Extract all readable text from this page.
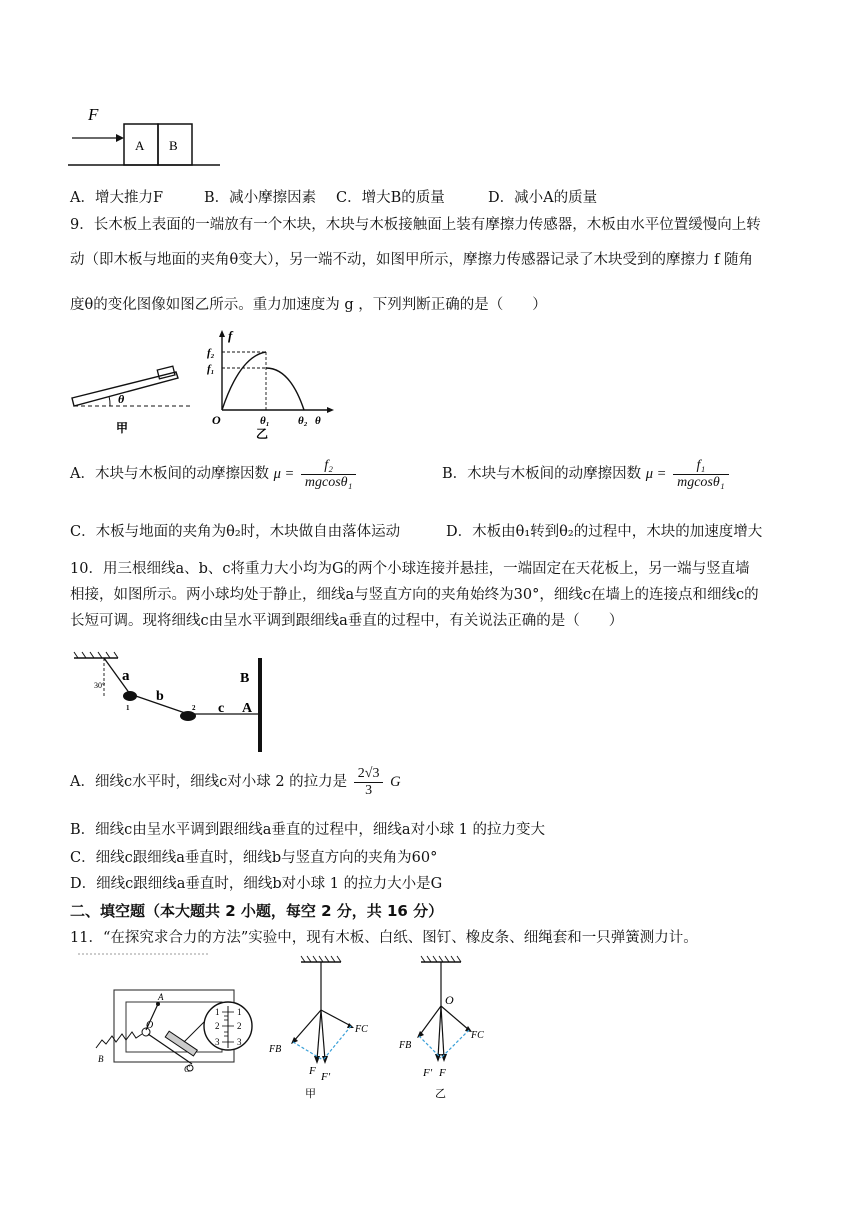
F
A B
A．增大推力F	B．减小摩擦因素 C．增大B的质量	D．减小A的质量
9．长木板上表面的一端放有一个木块，木块与木板接触面上装有摩擦力传感器，木板由水平位置缓慢向上转
动（即木板与地面的夹角θ变大），另一端不动，如图甲所示，摩擦力传感器记录了木块受到的摩擦力 f 随角
度θ的变化图像如图乙所示。重力加速度为 g ，下列判断正确的是（　　）
θ
甲
f
f₂
f₁
O	θ₁	θ₂ θ
乙
A．木块与木板间的动摩擦因数 $\mu = \frac{\text{f₂}}{\text{mgcosθ₁}}$	B．木块与木板间的动摩擦因数 $\mu = \frac{\text{f₁}}{\text{mgcosθ₁}}$
C．木板与地面的夹角为θ₂时，木块做自由落体运动	D．木板由θ₁转到θ₂的过程中，木块的加速度增大
10．用三根细线a、b、c将重力大小均为G的两个小球连接并悬挂，一端固定在天花板上，另一端与竖直墙
相接，如图所示。两小球均处于静止，细线a与竖直方向的夹角始终为30°，细线c在墙上的连接点和细线c的
长短可调。现将细线c由呈水平调到跟细线a垂直的过程中，有关说法正确的是（　　）
30°
a
b
c
B
A
1	2
A．细线c水平时，细线c对小球 2 的拉力是 $\frac{2√3}{3}$ G
B．细线c由呈水平调到跟细线a垂直的过程中，细线a对小球 1 的拉力变大
C．细线c跟细线a垂直时，细线b与竖直方向的夹角为60°
D．细线c跟细线a垂直时，细线b对小球 1 的拉力大小是G
二、填空题（本大题共 2 小题，每空 2 分，共 16 分）
11．“在探究求合力的方法”实验中，现有木板、白纸、图钉、橡皮条、细绳套和一只弹簧测力计。
A
O
B
C
1
2
3
1
2
3
FB
FC
F F′
甲
O
FB
FC
F′ F
乙
